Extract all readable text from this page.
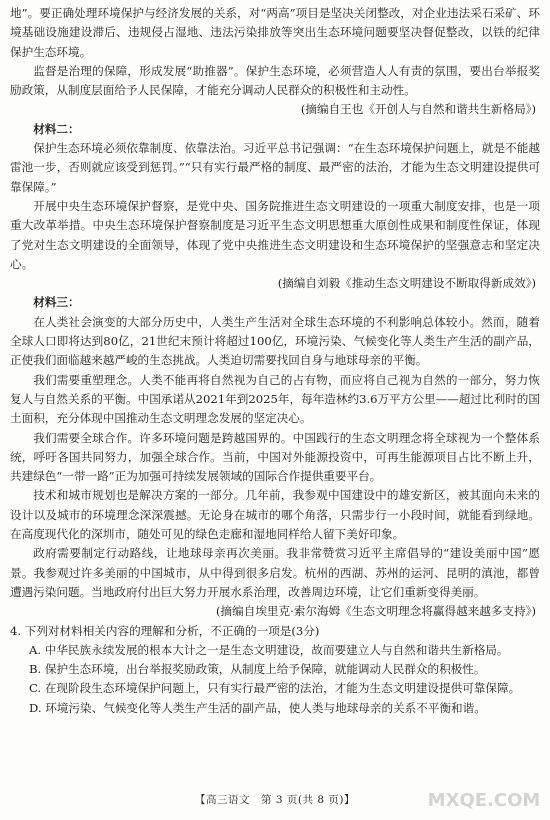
地”。要正确处理环境保护与经济发展的关系，对“两高”项目是坚决关闭整改，对企业违法采石采矿、环境基础设施建设滞后、违规侵占湿地、违法污染排放等突出生态环境问题要坚决督促整改，以铁的纪律保护生态环境。

监督是治理的保障，形成发展“助推器”。保护生态环境，必须营造人人有责的氛围，要出台举报奖励政策，从制度层面给予人民保障，才能充分调动人民群众的积极性和主动性。

(摘编自王也《开创人与自然和谐共生新格局》)

材料二：

保护生态环境必须依靠制度、依靠法治。习近平总书记强调：“在生态环境保护问题上，就是不能越雷池一步，否则就应该受到惩罚。”“只有实行最严格的制度、最严密的法治，才能为生态文明建设提供可靠保障。”

开展中央生态环境保护督察，是党中央、国务院推进生态文明建设的一项重大制度安排，也是一项重大改革举措。中央生态环境保护督察制度是习近平生态文明思想重大原创性成果和制度性保证，体现了党对生态文明建设的全面领导，体现了党中央推进生态文明建设和生态环境保护的坚强意志和坚定决心。

(摘编自刘毅《推动生态文明建设不断取得新成效》)

材料三：

在人类社会演变的大部分历史中，人类生产生活对全球生态环境的不利影响总体较小。然而，随着全球人口即将达到80亿，21世纪末预计将超过100亿，环境污染、气候变化等人类生产生活的副产品，正使我们面临越来越严峻的生态挑战。人类迫切需要找回自身与地球母亲的平衡。

我们需要重塑理念。人类不能再将自然视为自己的占有物，而应将自己视为自然的一部分，努力恢复人与自然关系的平衡。中国承诺从2021年到2025年，每年造林约3.6万平方公里——超过比利时的国土面积，充分体现中国推动生态文明理念发展的坚定决心。

我们需要全球合作。许多环境问题是跨越国界的。中国践行的生态文明理念将全球视为一个整体系统，呼吁各国共同努力，加强全球合作。当前，中国对外能源投资中，可再生能源项目占比不断上升，共建绿色“一带一路”正为加强可持续发展领域的国际合作提供重要平台。

技术和城市规划也是解决方案的一部分。几年前，我参观中国建设中的雄安新区，被其面向未来的设计以及城市的环境理念深深震撼。无论身在城市的哪个角落，只需步行一小段时间，就能看到绿地。在高度现代化的深圳市，随处可见的绿色走廊和湿地同样给人留下美好印象。

政府需要制定行动路线，让地球母亲再次美丽。我非常赞赏习近平主席倡导的“建设美丽中国”愿景。我参观过许多美丽的中国城市，从中得到很多启发。杭州的西湖、苏州的运河、昆明的滇池，都曾遭遇污染问题。当地政府付出巨大努力开展水系治理，改善周边环境，让它们重新变得美丽。

(摘编自埃里克·索尔海姆《生态文明理念将赢得越来越多支持》)

4. 下列对材料相关内容的理解和分析，不正确的一项是(3分)

A. 中华民族永续发展的根本大计之一是生态文明建设，故而要建立人与自然和谐共生新格局。

B. 保护生态环境，出台举报奖励政策，从制度上给予保障，就能调动人民群众的积极性。

C. 在现阶段生态环境保护问题上，只有实行最严密的法治，才能为生态文明建设提供可靠保障。

D. 环境污染、气候变化等人类生产生活的副产品，使人类与地球母亲的关系不平衡和谐。

【高三语文　第 3 页(共 8 页)】	MXQE.COM
